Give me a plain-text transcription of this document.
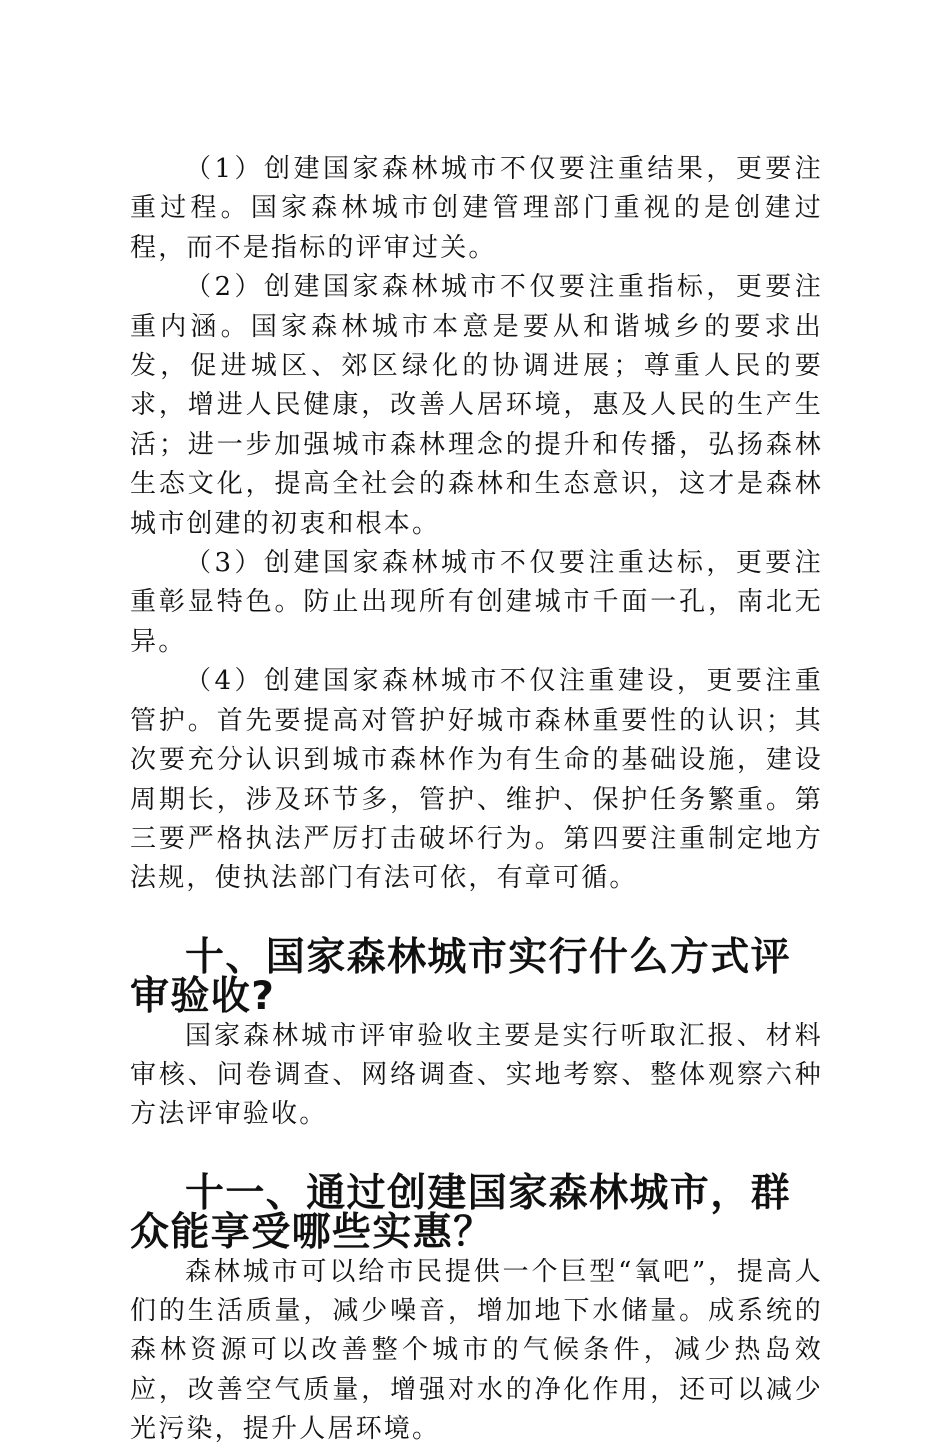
（1）创建国家森林城市不仅要注重结果，更要注重过程。国家森林城市创建管理部门重视的是创建过程，而不是指标的评审过关。

（2）创建国家森林城市不仅要注重指标，更要注重内涵。国家森林城市本意是要从和谐城乡的要求出发，促进城区、郊区绿化的协调进展；尊重人民的要求，增进人民健康，改善人居环境，惠及人民的生产生活；进一步加强城市森林理念的提升和传播，弘扬森林生态文化，提高全社会的森林和生态意识，这才是森林城市创建的初衷和根本。

（3）创建国家森林城市不仅要注重达标，更要注重彰显特色。防止出现所有创建城市千面一孔，南北无异。

（4）创建国家森林城市不仅注重建设，更要注重管护。首先要提高对管护好城市森林重要性的认识；其次要充分认识到城市森林作为有生命的基础设施，建设周期长，涉及环节多，管护、维护、保护任务繁重。第三要严格执法严厉打击破坏行为。第四要注重制定地方法规，使执法部门有法可依，有章可循。

十、国家森林城市实行什么方式评审验收?

国家森林城市评审验收主要是实行听取汇报、材料审核、问卷调查、网络调查、实地考察、整体观察六种方法评审验收。

十一、通过创建国家森林城市，群众能享受哪些实惠？

森林城市可以给市民提供一个巨型“氧吧”，提高人们的生活质量，减少噪音，增加地下水储量。成系统的森林资源可以改善整个城市的气候条件，减少热岛效应，改善空气质量，增强对水的净化作用，还可以减少光污染，提升人居环境。
